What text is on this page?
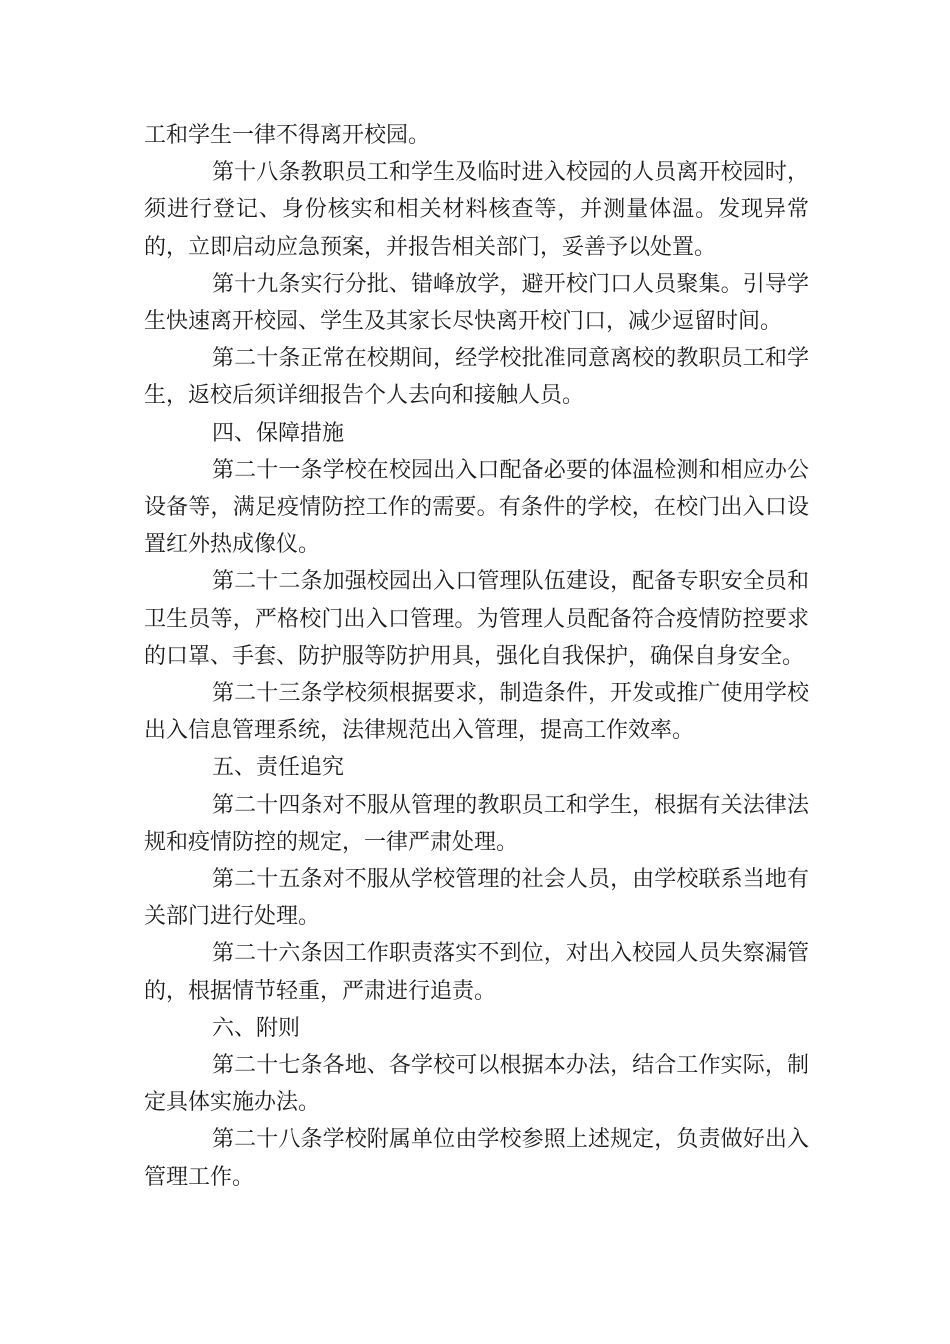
工和学生一律不得离开校园。

第十八条教职员工和学生及临时进入校园的人员离开校园时，须进行登记、身份核实和相关材料核查等，并测量体温。发现异常的，立即启动应急预案，并报告相关部门，妥善予以处置。

第十九条实行分批、错峰放学，避开校门口人员聚集。引导学生快速离开校园、学生及其家长尽快离开校门口，减少逗留时间。

第二十条正常在校期间，经学校批准同意离校的教职员工和学生，返校后须详细报告个人去向和接触人员。

四、保障措施

第二十一条学校在校园出入口配备必要的体温检测和相应办公设备等，满足疫情防控工作的需要。有条件的学校，在校门出入口设置红外热成像仪。

第二十二条加强校园出入口管理队伍建设，配备专职安全员和卫生员等，严格校门出入口管理。为管理人员配备符合疫情防控要求的口罩、手套、防护服等防护用具，强化自我保护，确保自身安全。

第二十三条学校须根据要求，制造条件，开发或推广使用学校出入信息管理系统，法律规范出入管理，提高工作效率。

五、责任追究

第二十四条对不服从管理的教职员工和学生，根据有关法律法规和疫情防控的规定，一律严肃处理。

第二十五条对不服从学校管理的社会人员，由学校联系当地有关部门进行处理。

第二十六条因工作职责落实不到位，对出入校园人员失察漏管的，根据情节轻重，严肃进行追责。

六、附则

第二十七条各地、各学校可以根据本办法，结合工作实际，制定具体实施办法。

第二十八条学校附属单位由学校参照上述规定，负责做好出入管理工作。
